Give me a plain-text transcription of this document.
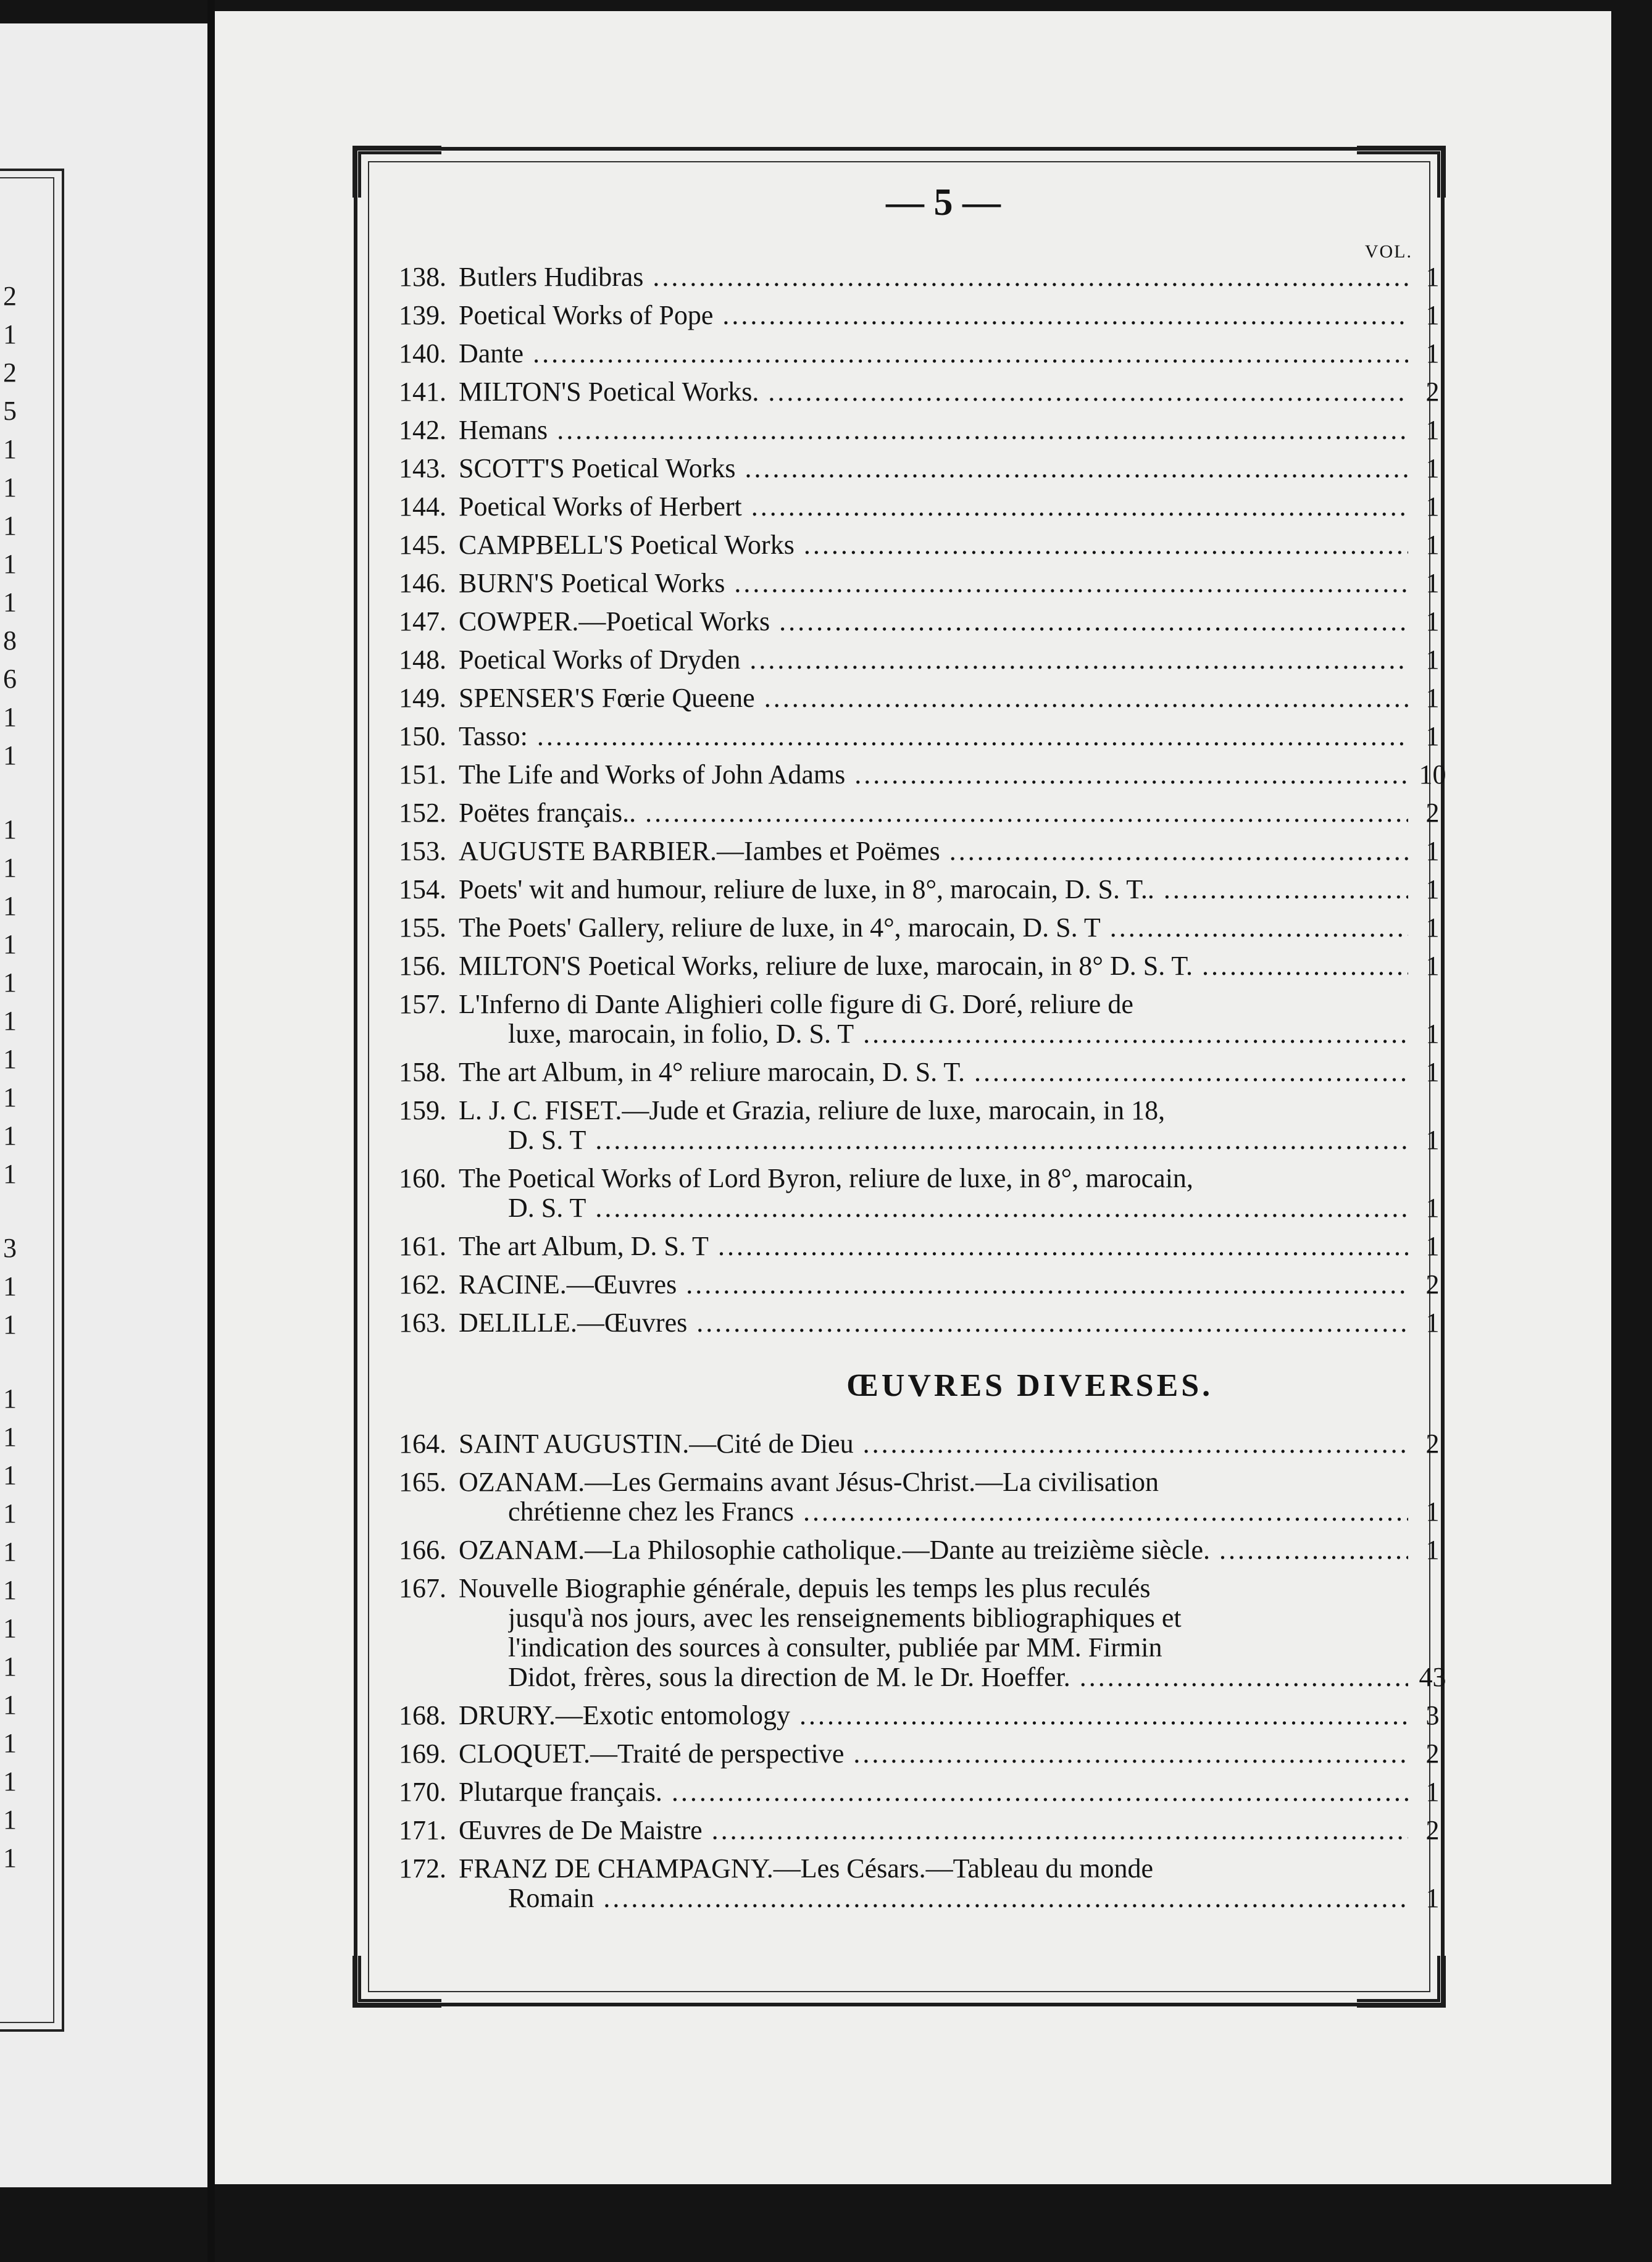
2
1
2
5
1
1
1
1
1
8
6
1
1
1
1
1
1
1
1
1
1
1
1
3
1
1
1
1
1
1
1
1
1
1
1
1
1
1
1
— 5 —
VOL.
138. Butlers Hudibras .....	1
139. Poetical Works of Pope .....	1
140. Dante .....	1
141. MILTON'S Poetical Works. .....	2
142. Hemans .....	1
143. SCOTT'S Poetical Works .....	1
144. Poetical Works of Herbert .....	1
145. CAMPBELL'S Poetical Works .....	1
146. BURN'S Poetical Works .....	1
147. COWPER.—Poetical Works .....	1
148. Poetical Works of Dryden .....	1
149. SPENSER'S Fœrie Queene .....	1
150. Tasso: .....	1
151. The Life and Works of John Adams .....	10
152. Poëtes français.. .....	2
153. AUGUSTE BARBIER.—Iambes et Poëmes .....	1
154. Poets' wit and humour, reliure de luxe, in 8°, marocain, D. S. T.. .....	1
155. The Poets' Gallery, reliure de luxe, in 4°, marocain, D. S. T .....	1
156. MILTON'S Poetical Works, reliure de luxe, marocain, in 8° D. S. T. .....	1
157. L'Inferno di Dante Alighieri colle figure di G. Doré, reliure de
luxe, marocain, in folio, D. S. T .....	1
158. The art Album, in 4° reliure marocain, D. S. T. .....	1
159. L. J. C. FISET.—Jude et Grazia, reliure de luxe, marocain, in 18,
D. S. T .....	1
160. The Poetical Works of Lord Byron, reliure de luxe, in 8°, marocain,
D. S. T .....	1
161. The art Album, D. S. T .....	1
162. RACINE.—Œuvres .....	2
163. DELILLE.—Œuvres .....	1
164. SAINT AUGUSTIN.—Cité de Dieu .....	2
165. OZANAM.—Les Germains avant Jésus-Christ.—La civilisation
chrétienne chez les Francs .....	1
166. OZANAM.—La Philosophie catholique.—Dante au treizième siècle. .....	1
167. Nouvelle Biographie générale, depuis les temps les plus reculés
jusqu'à nos jours, avec les renseignements bibliographiques et
l'indication des sources à consulter, publiée par MM. Firmin
Didot, frères, sous la direction de M. le Dr. Hoeffer. .....	43
168. DRURY.—Exotic entomology .....	3
169. CLOQUET.—Traité de perspective .....	2
170. Plutarque français. .....	1
171. Œuvres de De Maistre .....	2
172. FRANZ DE CHAMPAGNY.—Les Césars.—Tableau du monde
Romain .....	1
ŒUVRES DIVERSES.
